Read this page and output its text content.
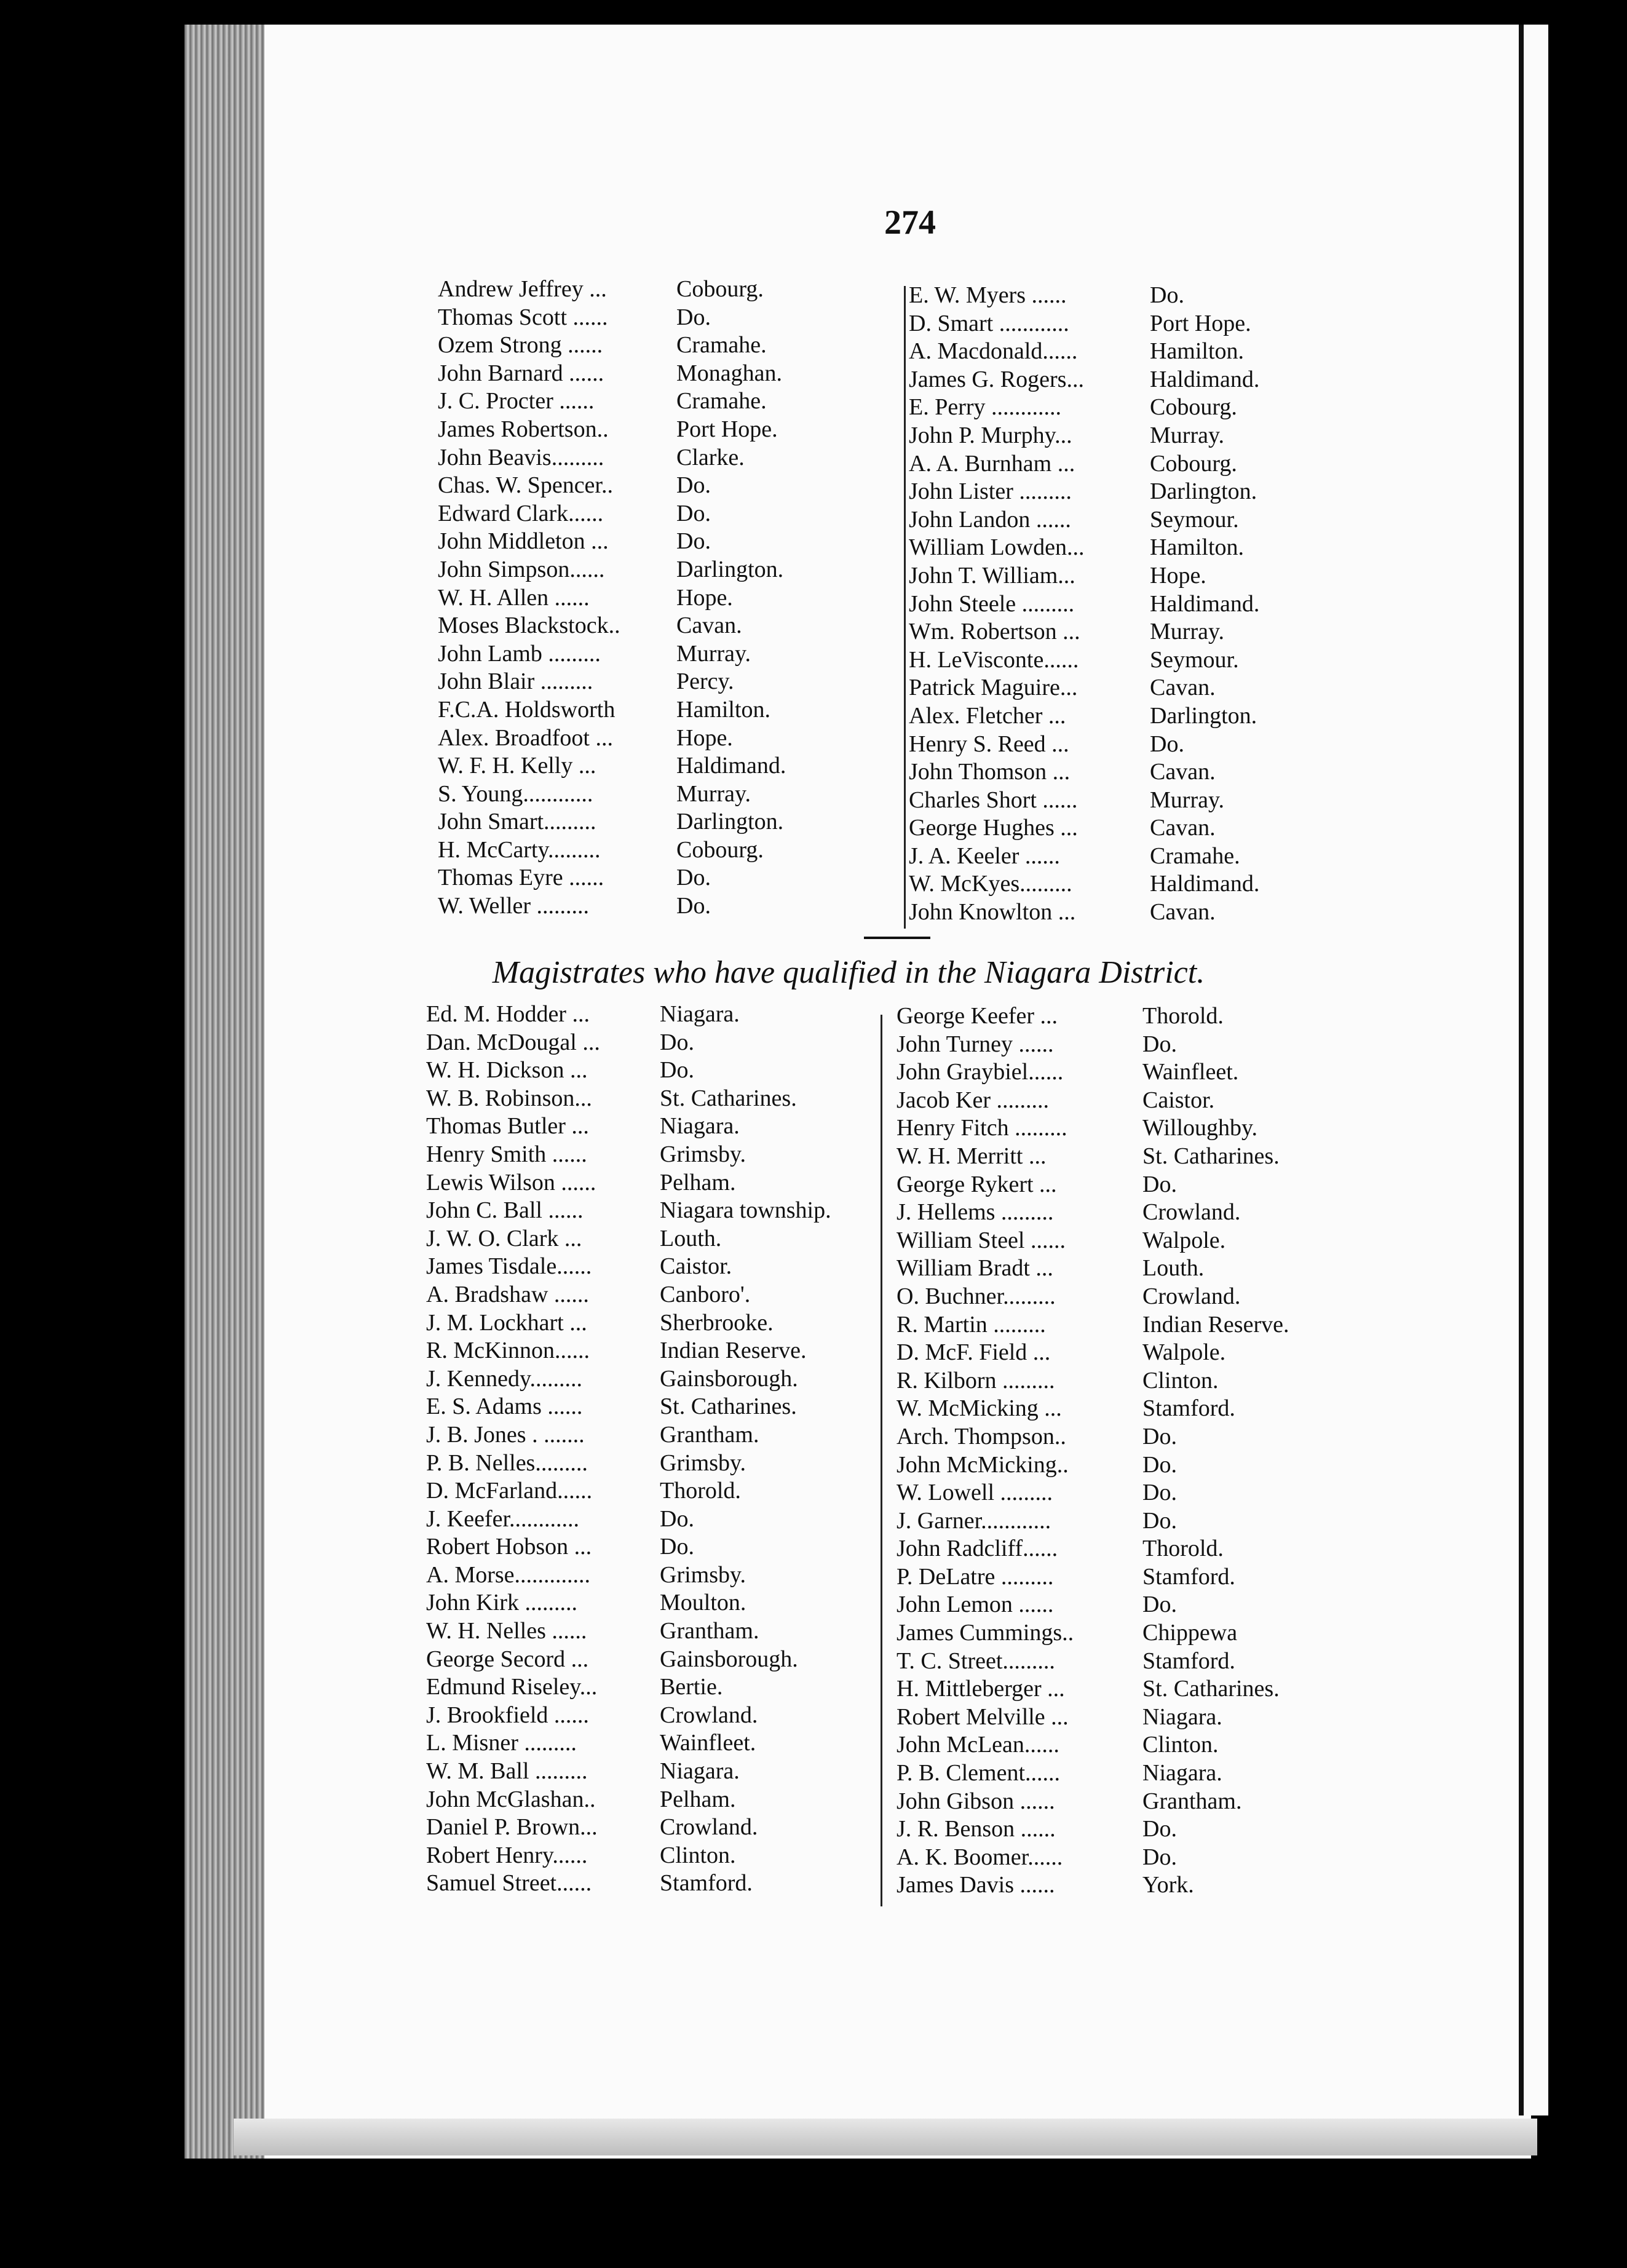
274
Andrew Jeffrey ...	Cobourg.
Thomas Scott ......	Do.
Ozem Strong ......	Cramahe.
John Barnard ......	Monaghan.
J. C. Procter ......	Cramahe.
James Robertson..	Port Hope.
John Beavis.........	Clarke.
Chas. W. Spencer..	Do.
Edward Clark......	Do.
John Middleton ...	Do.
John Simpson......	Darlington.
W. H. Allen ......	Hope.
Moses Blackstock.. Cavan.
John Lamb .........	Murray.
John Blair .........	Percy.
F.C.A. Holdsworth	Hamilton.
Alex. Broadfoot ...	Hope.
W. F. H. Kelly ...	Haldimand.
S. Young............	Murray.
John Smart.........	Darlington.
H. McCarty.........	Cobourg.
Thomas Eyre ......	Do.
W. Weller .........	Do.
E. W. Myers ......	Do.
D. Smart ............	Port Hope.
A. Macdonald......	Hamilton.
James G. Rogers...	Haldimand.
E. Perry ............	Cobourg.
John P. Murphy...	Murray.
A. A. Burnham ...	Cobourg.
John Lister .........	Darlington.
John Landon ......	Seymour.
William Lowden...	Hamilton.
John T. William...	Hope.
John Steele .........	Haldimand.
Wm. Robertson ...	Murray.
H. LeVisconte......	Seymour.
Patrick Maguire...	Cavan.
Alex. Fletcher ...	Darlington.
Henry S. Reed ...	Do.
John Thomson ...	Cavan.
Charles Short ......	Murray.
George Hughes ...	Cavan.
J. A. Keeler ......	Cramahe.
W. McKyes.........	Haldimand.
John Knowlton ...	Cavan.
Magistrates who have qualified in the Niagara District.
Ed. M. Hodder ...	Niagara.
Dan. McDougal ...	Do.
W. H. Dickson ...	Do.
W. B. Robinson...	St. Catharines.
Thomas Butler ...	Niagara.
Henry Smith ......	Grimsby.
Lewis Wilson ......	Pelham.
John C. Ball ......	Niagara township.
J. W. O. Clark ...	Louth.
James Tisdale......	Caistor.
A. Bradshaw ......	Canboro'.
J. M. Lockhart ...	Sherbrooke.
R. McKinnon......	Indian Reserve.
J. Kennedy.........	Gainsborough.
E. S. Adams ......	St. Catharines.
J. B. Jones . .......	Grantham.
P. B. Nelles.........	Grimsby.
D. McFarland......	Thorold.
J. Keefer............	Do.
Robert Hobson ...	Do.
A. Morse.............	Grimsby.
John Kirk .........	Moulton.
W. H. Nelles ......	Grantham.
George Secord ...	Gainsborough.
Edmund Riseley...	Bertie.
J. Brookfield ......	Crowland.
L. Misner .........	Wainfleet.
W. M. Ball .........	Niagara.
John McGlashan..	Pelham.
Daniel P. Brown...	Crowland.
Robert Henry......	Clinton.
Samuel Street......	Stamford.
George Keefer ...	Thorold.
John Turney ......	Do.
John Graybiel......	Wainfleet.
Jacob Ker .........	Caistor.
Henry Fitch .........	Willoughby.
W. H. Merritt ...	St. Catharines.
George Rykert ...	Do.
J. Hellems .........	Crowland.
William Steel ......	Walpole.
William Bradt ...	Louth.
O. Buchner.........	Crowland.
R. Martin .........	Indian Reserve.
D. McF. Field ...	Walpole.
R. Kilborn .........	Clinton.
W. McMicking ...	Stamford.
Arch. Thompson..	Do.
John McMicking..	Do.
W. Lowell .........	Do.
J. Garner............	Do.
John Radcliff......	Thorold.
P. DeLatre .........	Stamford.
John Lemon ......	Do.
James Cummings..	Chippewa
T. C. Street.........	Stamford.
H. Mittleberger ...	St. Catharines.
Robert Melville ...	Niagara.
John McLean......	Clinton.
P. B. Clement......	Niagara.
John Gibson ......	Grantham.
J. R. Benson ......	Do.
A. K. Boomer......	Do.
James Davis ......	York.
